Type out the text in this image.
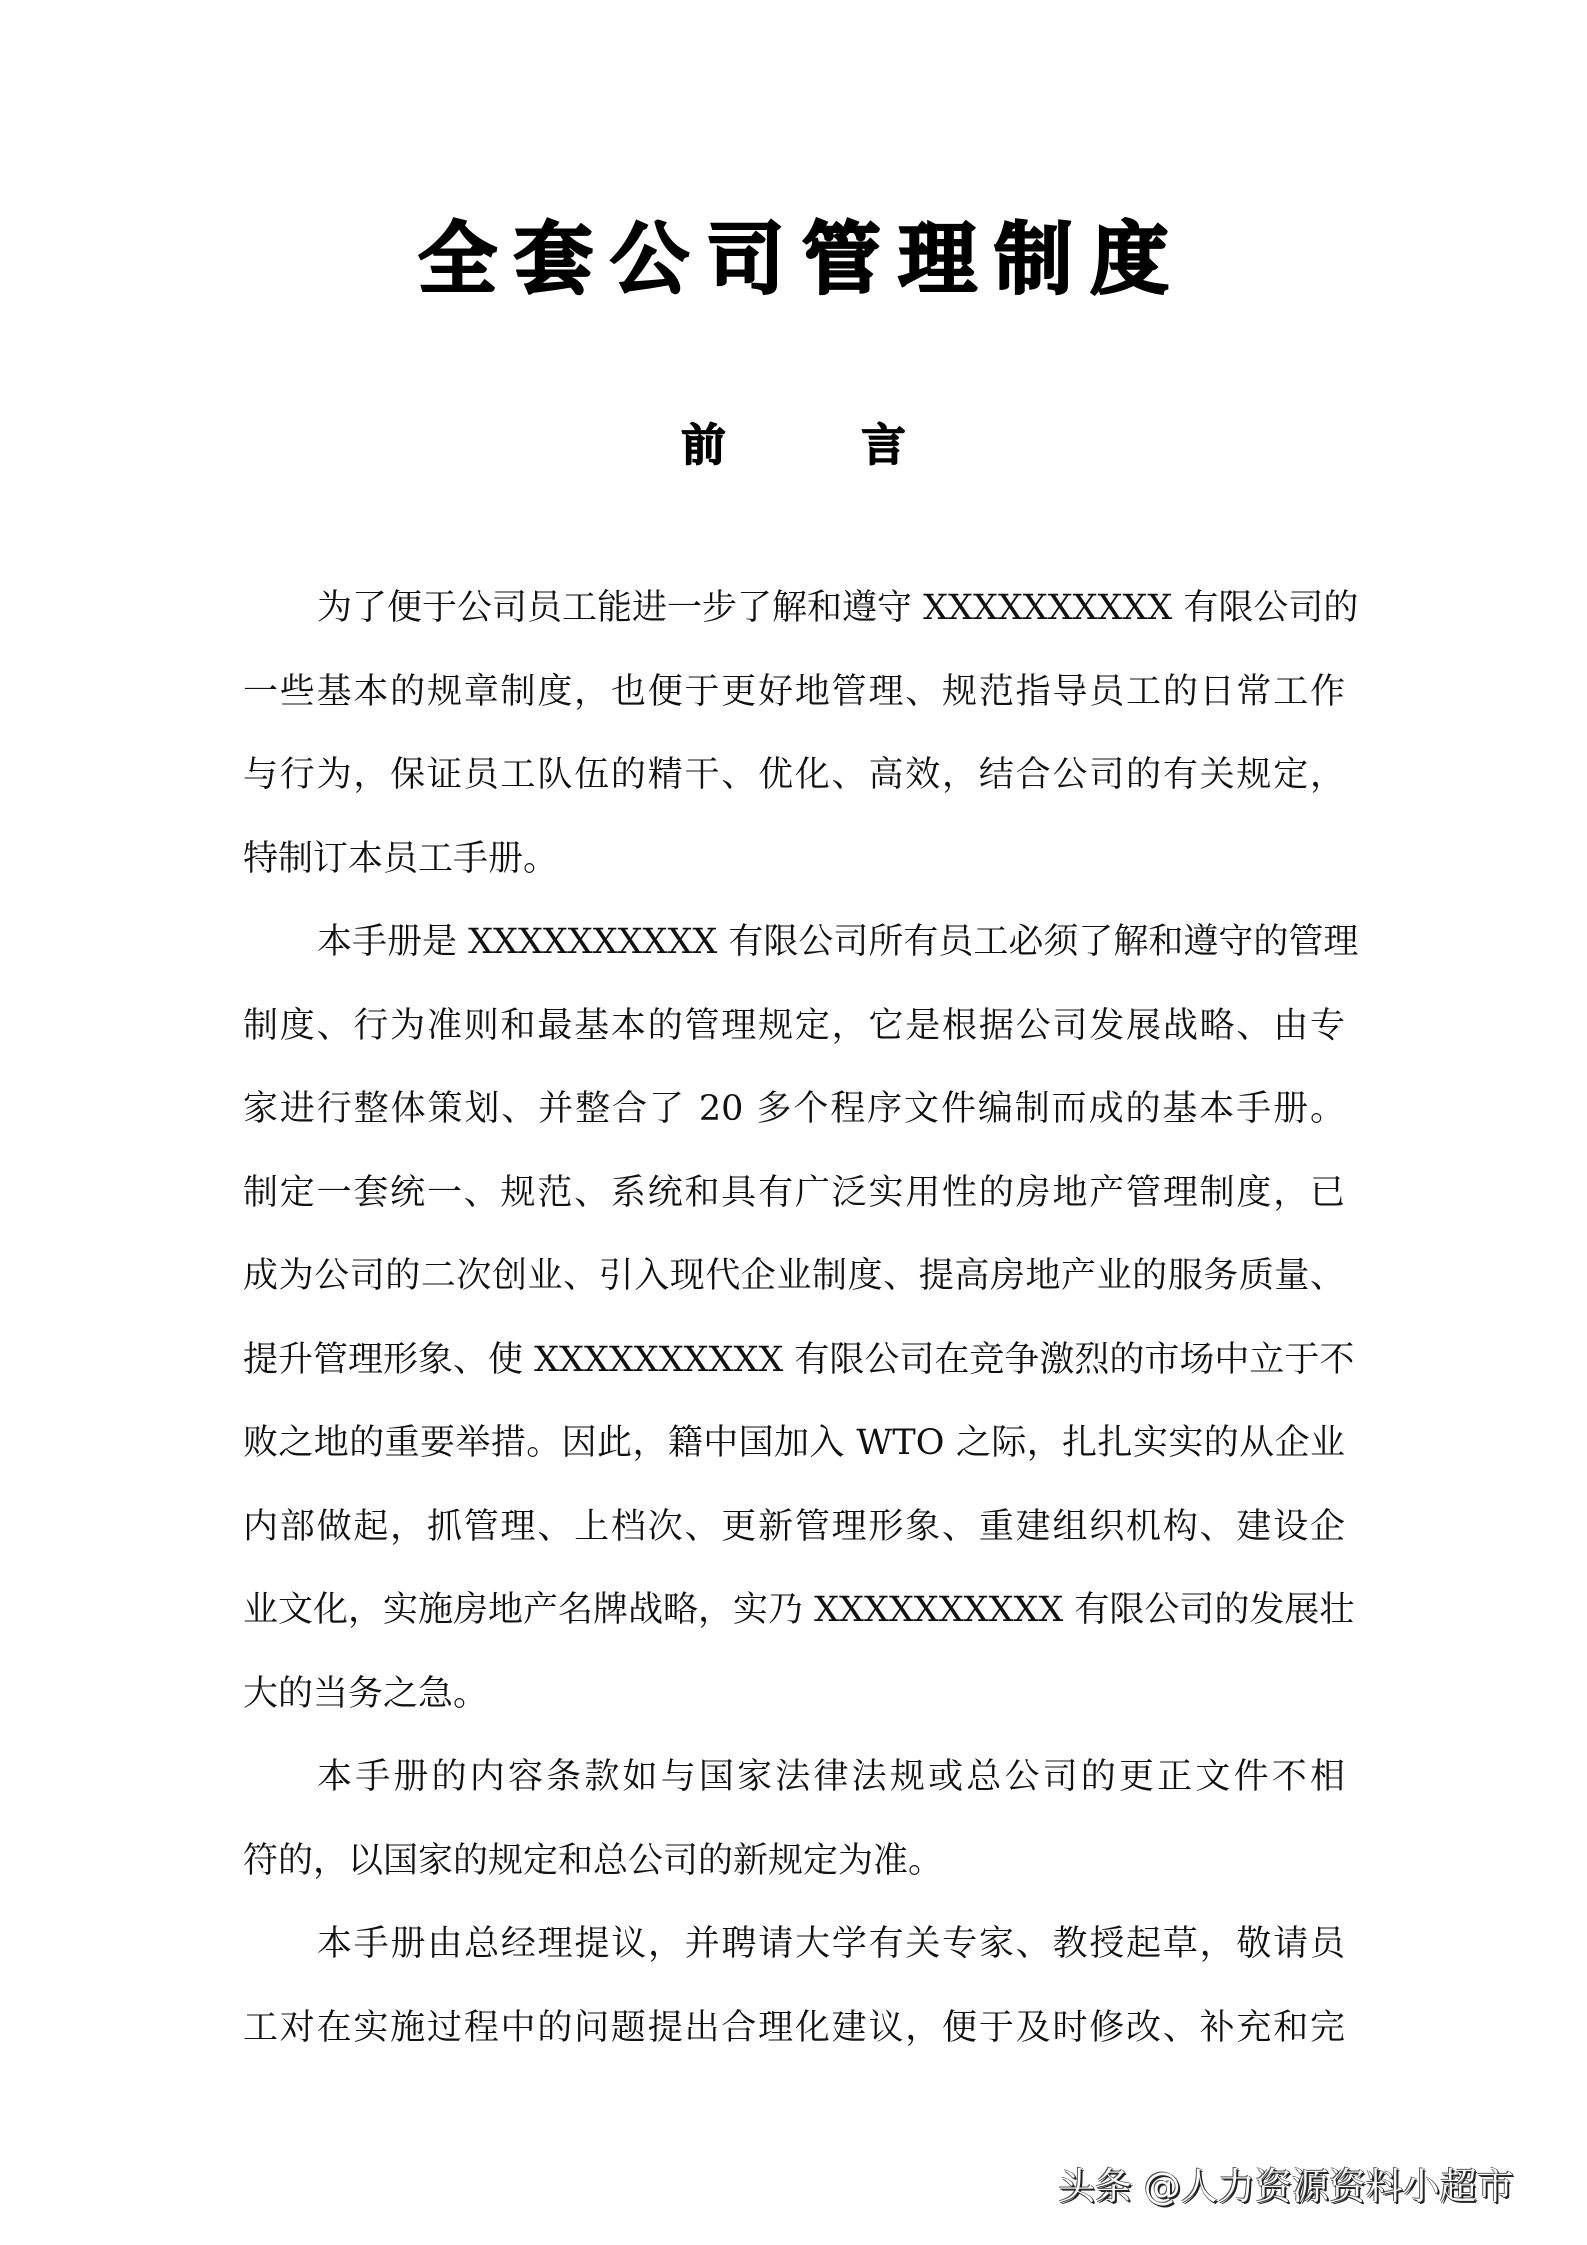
全套公司管理制度
前	言
为了便于公司员工能进一步了解和遵守 XXXXXXXXXX 有限公司的
一些基本的规章制度，也便于更好地管理、规范指导员工的日常工作
与行为，保证员工队伍的精干、优化、高效，结合公司的有关规定，
特制订本员工手册。
本手册是 XXXXXXXXXX 有限公司所有员工必须了解和遵守的管理
制度、行为准则和最基本的管理规定，它是根据公司发展战略、由专
家进行整体策划、并整合了 20 多个程序文件编制而成的基本手册。
制定一套统一、规范、系统和具有广泛实用性的房地产管理制度，已
成为公司的二次创业、引入现代企业制度、提高房地产业的服务质量、
提升管理形象、使 XXXXXXXXXX 有限公司在竞争激烈的市场中立于不
败之地的重要举措。因此，籍中国加入 WTO 之际，扎扎实实的从企业
内部做起，抓管理、上档次、更新管理形象、重建组织机构、建设企
业文化，实施房地产名牌战略，实乃 XXXXXXXXXX 有限公司的发展壮
大的当务之急。
本手册的内容条款如与国家法律法规或总公司的更正文件不相
符的，以国家的规定和总公司的新规定为准。
本手册由总经理提议，并聘请大学有关专家、教授起草，敬请员
工对在实施过程中的问题提出合理化建议，便于及时修改、补充和完
头条 @人力资源资料小超市
